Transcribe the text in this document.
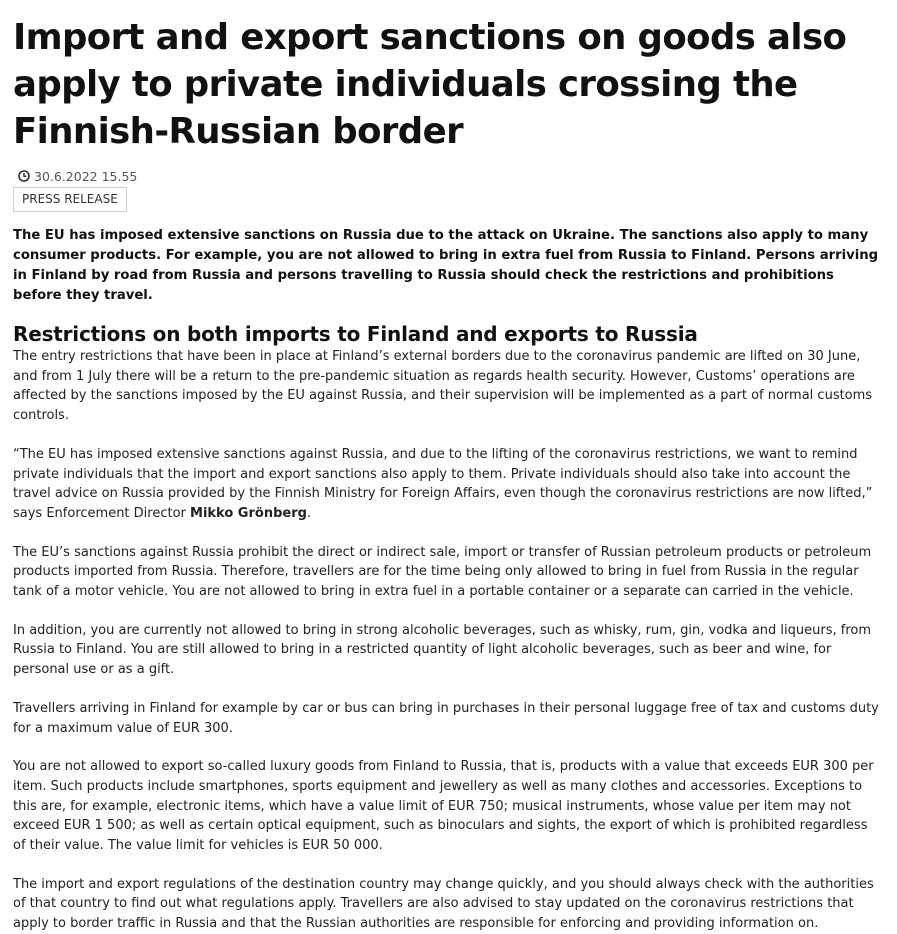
Import and export sanctions on goods also apply to private individuals crossing the Finnish-Russian border
30.6.2022 15.55
PRESS RELEASE

The EU has imposed extensive sanctions on Russia due to the attack on Ukraine. The sanctions also apply to many consumer products. For example, you are not allowed to bring in extra fuel from Russia to Finland. Persons arriving in Finland by road from Russia and persons travelling to Russia should check the restrictions and prohibitions before they travel.

Restrictions on both imports to Finland and exports to Russia

The entry restrictions that have been in place at Finland’s external borders due to the coronavirus pandemic are lifted on 30 June, and from 1 July there will be a return to the pre-pandemic situation as regards health security. However, Customs’ operations are affected by the sanctions imposed by the EU against Russia, and their supervision will be implemented as a part of normal customs controls.

“The EU has imposed extensive sanctions against Russia, and due to the lifting of the coronavirus restrictions, we want to remind private individuals that the import and export sanctions also apply to them. Private individuals should also take into account the travel advice on Russia provided by the Finnish Ministry for Foreign Affairs, even though the coronavirus restrictions are now lifted,” says Enforcement Director Mikko Grönberg.

The EU’s sanctions against Russia prohibit the direct or indirect sale, import or transfer of Russian petroleum products or petroleum products imported from Russia. Therefore, travellers are for the time being only allowed to bring in fuel from Russia in the regular tank of a motor vehicle. You are not allowed to bring in extra fuel in a portable container or a separate can carried in the vehicle.

In addition, you are currently not allowed to bring in strong alcoholic beverages, such as whisky, rum, gin, vodka and liqueurs, from Russia to Finland. You are still allowed to bring in a restricted quantity of light alcoholic beverages, such as beer and wine, for personal use or as a gift.

Travellers arriving in Finland for example by car or bus can bring in purchases in their personal luggage free of tax and customs duty for a maximum value of EUR 300.

You are not allowed to export so-called luxury goods from Finland to Russia, that is, products with a value that exceeds EUR 300 per item. Such products include smartphones, sports equipment and jewellery as well as many clothes and accessories. Exceptions to this are, for example, electronic items, which have a value limit of EUR 750; musical instruments, whose value per item may not exceed EUR 1 500; as well as certain optical equipment, such as binoculars and sights, the export of which is prohibited regardless of their value. The value limit for vehicles is EUR 50 000.

The import and export regulations of the destination country may change quickly, and you should always check with the authorities of that country to find out what regulations apply. Travellers are also advised to stay updated on the coronavirus restrictions that apply to border traffic in Russia and that the Russian authorities are responsible for enforcing and providing information on.
